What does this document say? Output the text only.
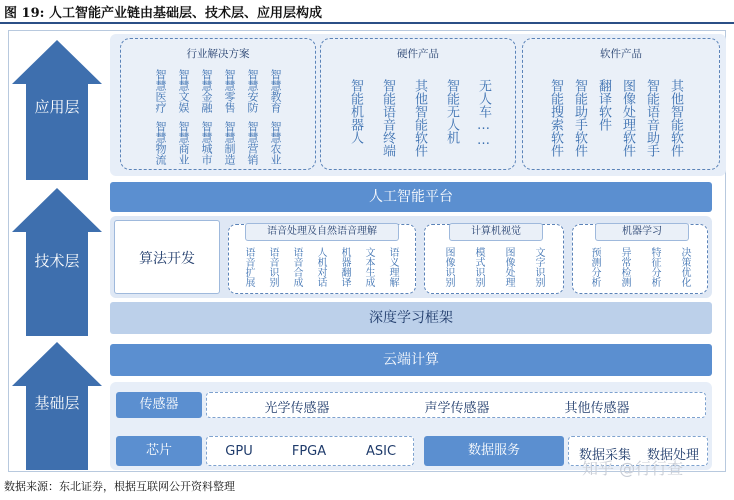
图 19: 人工智能产业链由基础层、技术层、应用层构成
应用层
技术层
基础层
行业解决方案
智慧医疗 智慧文娱 智慧金融 智慧零售 智慧安防 智慧教育
智慧物流 智慧商业 智慧城市 智慧制造 智慧营销 智慧农业
硬件产品
智能机器人 智能语音终端 其他智能软件 智能无人机 无人车……
软件产品
智能搜索软件 智能助手软件 翻译软件 图像处理软件 智能语音助手 其他智能软件
人工智能平台
算法开发
语音处理及自然语音理解
语音扩展 语音识别 语音合成 人机对话 机器翻译 文本生成 语义理解
计算机视觉
图像识别 模式识别 图像处理 文字识别
机器学习
预测分析 异常检测 特征分析 决策优化
深度学习框架
云端计算
传感器	光学传感器	声学传感器	其他传感器
芯片	GPU	FPGA	ASIC	数据服务	数据采集	数据处理
知乎 @行行查
数据来源：东北证券，根据互联网公开资料整理
